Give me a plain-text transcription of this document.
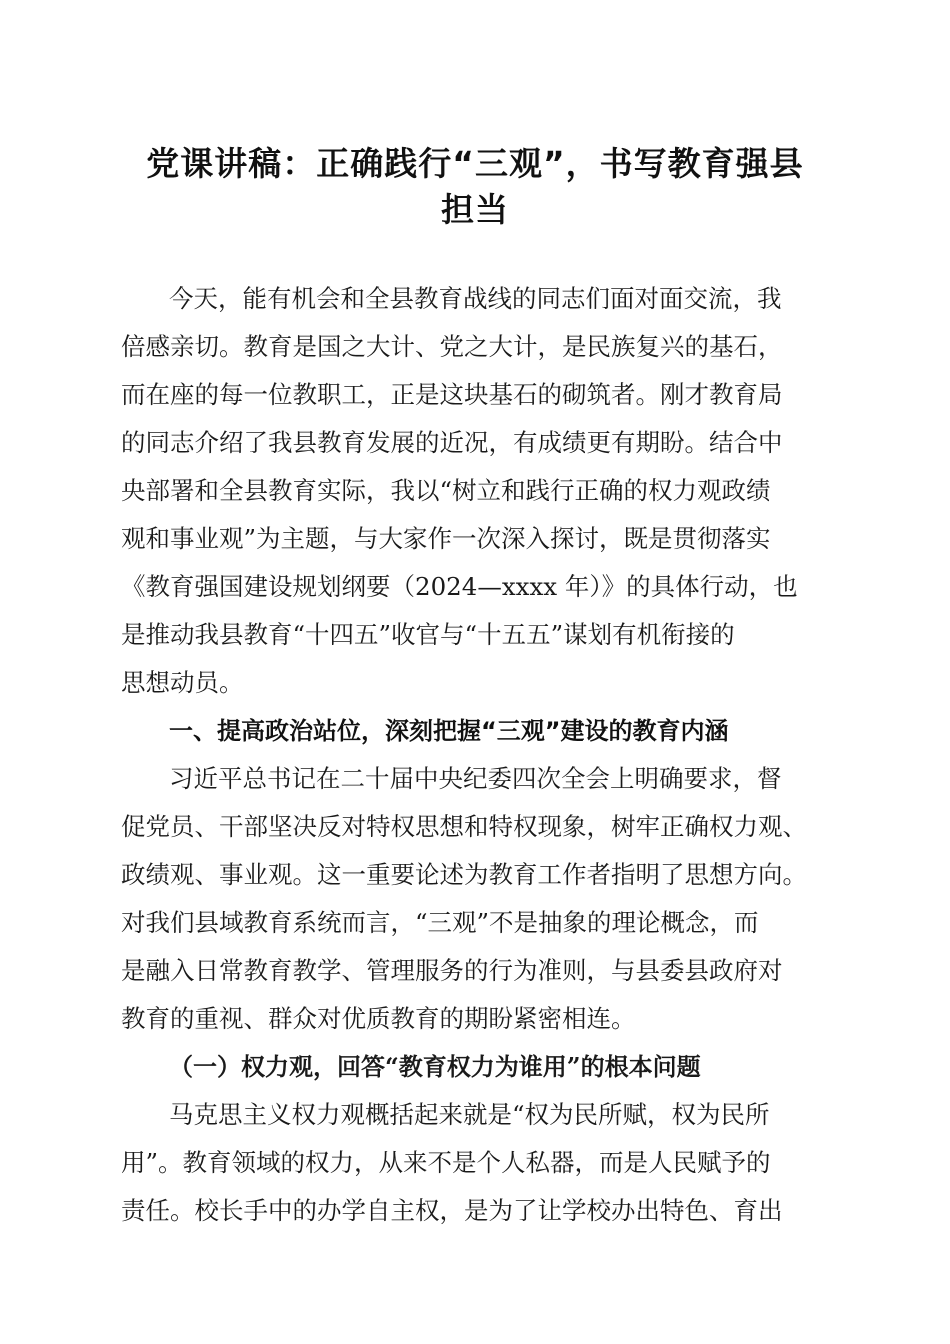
党课讲稿：正确践行“三观”，书写教育强县
担当

今天，能有机会和全县教育战线的同志们面对面交流，我

倍感亲切。教育是国之大计、党之大计，是民族复兴的基石，

而在座的每一位教职工，正是这块基石的砌筑者。刚才教育局

的同志介绍了我县教育发展的近况，有成绩更有期盼。结合中

央部署和全县教育实际，我以“树立和践行正确的权力观政绩

观和事业观”为主题，与大家作一次深入探讨，既是贯彻落实

《教育强国建设规划纲要（2024—xxxx 年）》的具体行动，也

是推动我县教育“十四五”收官与“十五五”谋划有机衔接的

思想动员。

一、提高政治站位，深刻把握“三观”建设的教育内涵

习近平总书记在二十届中央纪委四次全会上明确要求，督

促党员、干部坚决反对特权思想和特权现象，树牢正确权力观、

政绩观、事业观。这一重要论述为教育工作者指明了思想方向。

对我们县域教育系统而言，“三观”不是抽象的理论概念，而

是融入日常教育教学、管理服务的行为准则，与县委县政府对

教育的重视、群众对优质教育的期盼紧密相连。

（一）权力观，回答“教育权力为谁用”的根本问题

马克思主义权力观概括起来就是“权为民所赋，权为民所

用”。教育领域的权力，从来不是个人私器，而是人民赋予的

责任。校长手中的办学自主权，是为了让学校办出特色、育出
